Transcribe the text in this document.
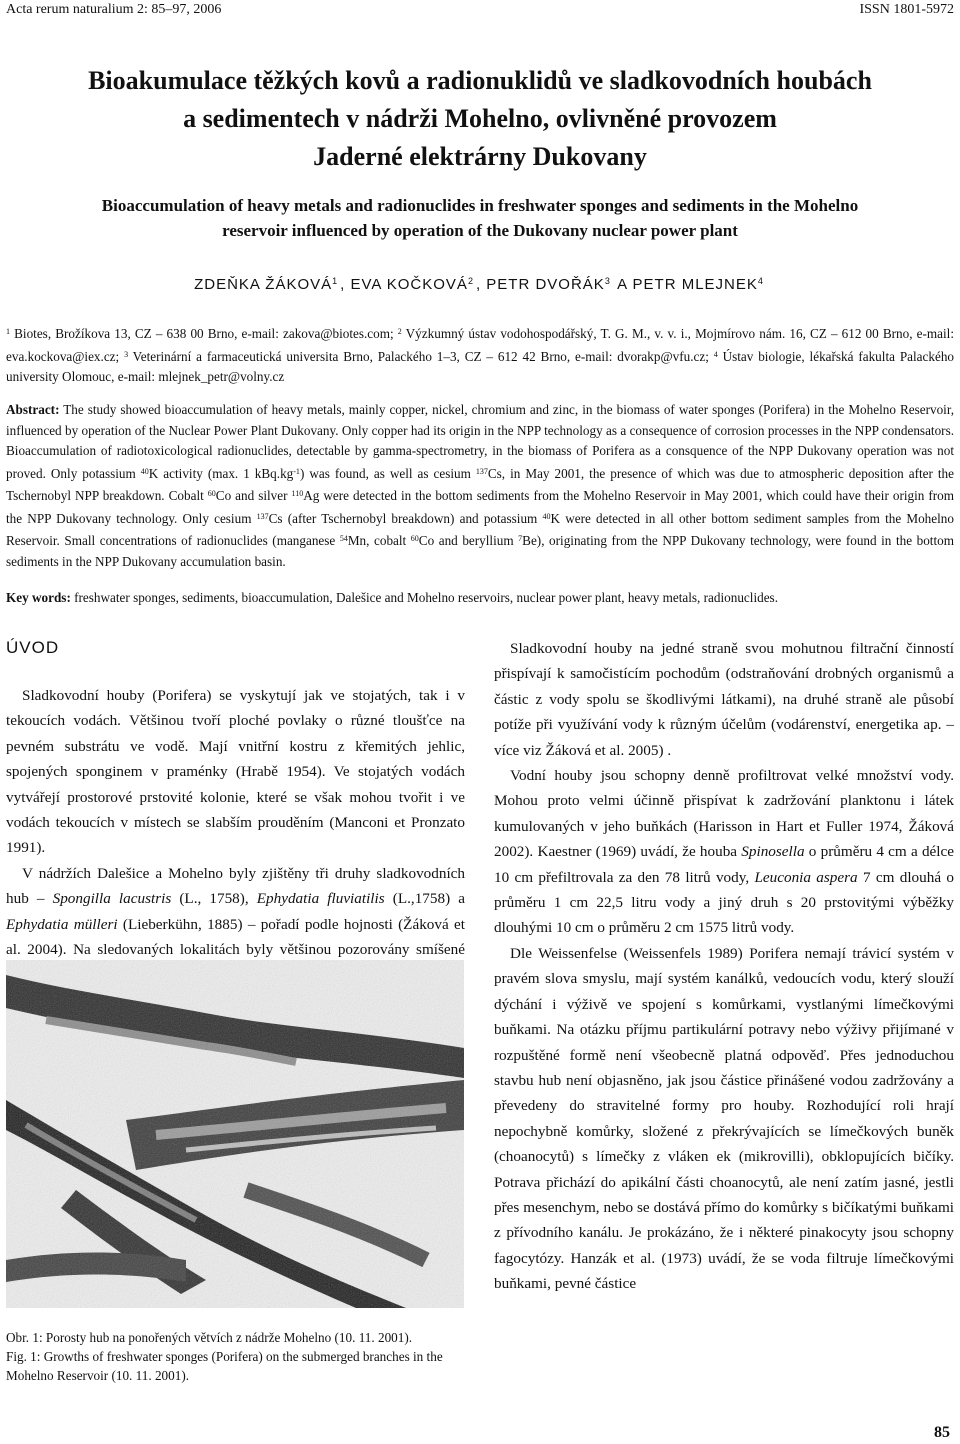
Acta rerum naturalium 2: 85–97, 2006	ISSN 1801-5972
Bioakumulace těžkých kovů a radionuklidů ve sladkovodních houbách
a sedimentech v nádrži Mohelno, ovlivněné provozem
Jaderné elektrárny Dukovany
Bioaccumulation of heavy metals and radionuclides in freshwater sponges and sediments in the Mohelno
reservoir influenced by operation of the Dukovany nuclear power plant
ZDEŇKA ŽÁKOVÁ$^1$ , EVA KOČKOVÁ$^2$ , PETR DVOŘÁK$^3$ A PETR MLEJNEK$^4$
$^1$ Biotes, Brožíkova 13, CZ – 638 00 Brno, e-mail: zakova@biotes.com; $^2$ Výzkumný ústav vodohospodářský, T. G. M., v. v. i., Mojmírovo nám. 16, CZ – 612 00 Brno, e-mail: eva.kockova@iex.cz; $^3$ Veterinární a farmaceutická universita Brno, Palackého 1–3, CZ – 612 42 Brno, e-mail: dvorakp@vfu.cz; $^4$ Ústav biologie, lékařská fakulta Palackého university Olomouc, e-mail: mlejnek_petr@volny.cz
Abstract: The study showed bioaccumulation of heavy metals, mainly copper, nickel, chromium and zinc, in the biomass of water sponges (Porifera) in the Mohelno Reservoir, influenced by operation of the Nuclear Power Plant Dukovany. Only copper had its origin in the NPP technology as a consequence of corrosion processes in the NPP condensators. Bioaccumulation of radiotoxicological radionuclides, detectable by gamma-spectrometry, in the biomass of Porifera as a consquence of the NPP Dukovany operation was not proved. Only potassium $^{40}$K activity (max. 1 $kBq.kg^{-1}$) was found, as well as cesium $^{137}$Cs, in May 2001, the presence of which was due to atmospheric deposition after the Tschernobyl NPP breakdown. Cobalt $^{60}$Co and silver $^{110}$Ag were detected in the bottom sediments from the Mohelno Reservoir in May 2001, which could have their origin from the NPP Dukovany technology. Only cesium $^{137}$Cs (after Tschernobyl breakdown) and potassium $^{40}$K were detected in all other bottom sediment samples from the Mohelno Reservoir. Small concentrations of radionuclides (manganese $^{54}$Mn, cobalt $^{60}$Co and beryllium $^7$Be), originating from the NPP Dukovany technology, were found in the bottom sediments in the NPP Dukovany accumulation basin.
Key words: freshwater sponges, sediments, bioaccumulation, Dalešice and Mohelno reservoirs, nuclear power plant, heavy metals, radionuclides.
ÚVOD

Sladkovodní houby (Porifera) se vyskytují jak ve stojatých, tak i v tekoucích vodách. Většinou tvoří ploché povlaky o různé tloušťce na pevném substrátu ve vodě. Mají vnitřní kostru z křemitých jehlic, spojených sponginem v praménky (Hrabě 1954). Ve stojatých vodách vytvářejí prostorové prstovité kolonie, které se však mohou tvořit i ve vodách tekoucích v místech se slabším prouděním (Manconi et Pronzato 1991).

V nádržích Dalešice a Mohelno byly zjištěny tři druhy sladkovodních hub – Spongilla lacustris (L., 1758), Ephydatia fluviatilis (L.,1758) a Ephydatia mülleri (Lieberkühn, 1885) – pořadí podle hojnosti (Žáková et al. 2004). Na sledovaných lokalitách byly většinou pozorovány smíšené

Obr. 1: Porosty hub na ponořených větvích z nádrže Mohelno (10. 11. 2001).
Fig. 1: Growths of freshwater sponges (Porifera) on the submerged branches in the Mohelno Reservoir (10. 11. 2001).

Sladkovodní houby na jedné straně svou mohutnou filtrační činností přispívají k samočistícím pochodům (odstraňování drobných organismů a částic z vody spolu se škodlivými látkami), na druhé straně ale působí potíže při využívání vody k různým účelům (vodárenství, energetika ap. – více viz Žáková et al. 2005) .

Vodní houby jsou schopny denně profiltrovat velké množství vody. Mohou proto velmi účinně přispívat k zadržování planktonu i látek kumulovaných v jeho buňkách (Harisson in Hart et Fuller 1974, Žáková 2002). Kaestner (1969) uvádí, že houba Spinosella o průměru 4 cm a délce 10 cm přefiltrovala za den 78 litrů vody, Leuconia aspera 7 cm dlouhá o průměru 1 cm 22,5 litru vody a jiný druh s 20 prstovitými výběžky dlouhými 10 cm o průměru 2 cm 1575 litrů vody.

Dle Weissenfelse (Weissenfels 1989) Porifera nemají trávicí systém v pravém slova smyslu, mají systém kanálků, vedoucích vodu, který slouží dýchání i výživě ve spojení s komůrkami, vystlanými límečkovými buňkami. Na otázku příjmu partikulární potravy nebo výživy přijímané v rozpuštěné formě není všeobecně platná odpověď. Přes jednoduchou stavbu hub není objasněno, jak jsou částice přinášené vodou zadržovány a převedeny do stravitelné formy pro houby. Rozhodující roli hrají nepochybně komůrky, složené z překrývajících se límečkových buněk (choanocytů) s límečky z vláken ek (mikrovilli), obklopujících bičíky. Potrava přichází do apikální části choanocytů, ale není zatím jasné, jestli přes mesenchym, nebo se dostává přímo do komůrky s bičíkatými buňkami z přívodního kanálu. Je prokázáno, že i některé pinakocyty jsou schopny fagocytózy. Hanzák et al. (1973) uvádí, že se voda filtruje límečkovými buňkami, pevné částice

85
